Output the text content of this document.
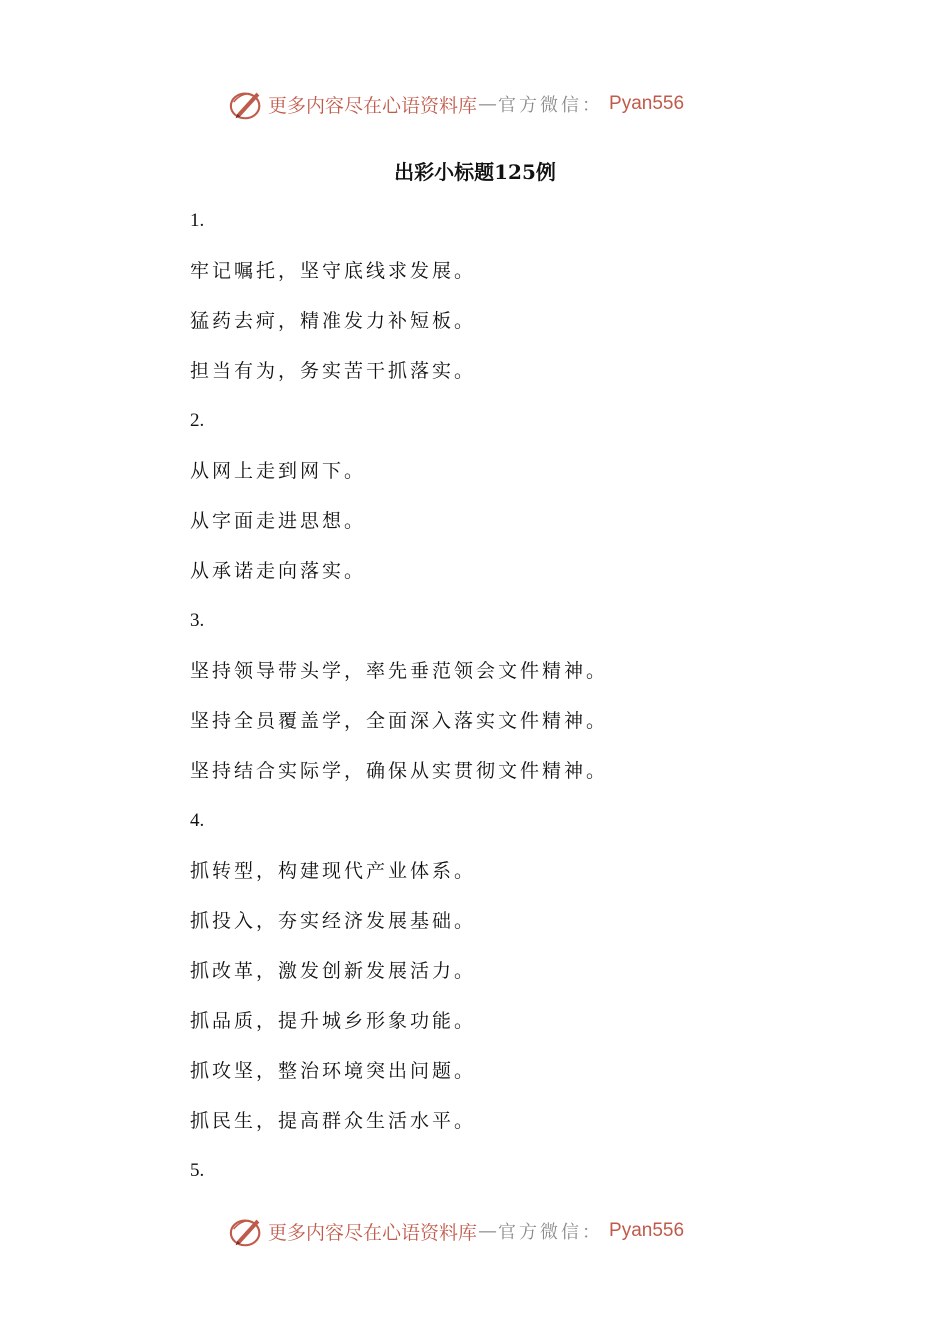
更多内容尽在心语资料库 — 官方微信： Pyan556
出彩小标题125例
1.
牢记嘱托，坚守底线求发展。
猛药去疴，精准发力补短板。
担当有为，务实苦干抓落实。
2.
从网上走到网下。
从字面走进思想。
从承诺走向落实。
3.
坚持领导带头学，率先垂范领会文件精神。
坚持全员覆盖学，全面深入落实文件精神。
坚持结合实际学，确保从实贯彻文件精神。
4.
抓转型，构建现代产业体系。
抓投入，夯实经济发展基础。
抓改革，激发创新发展活力。
抓品质，提升城乡形象功能。
抓攻坚，整治环境突出问题。
抓民生，提高群众生活水平。
5.
更多内容尽在心语资料库 — 官方微信： Pyan556
